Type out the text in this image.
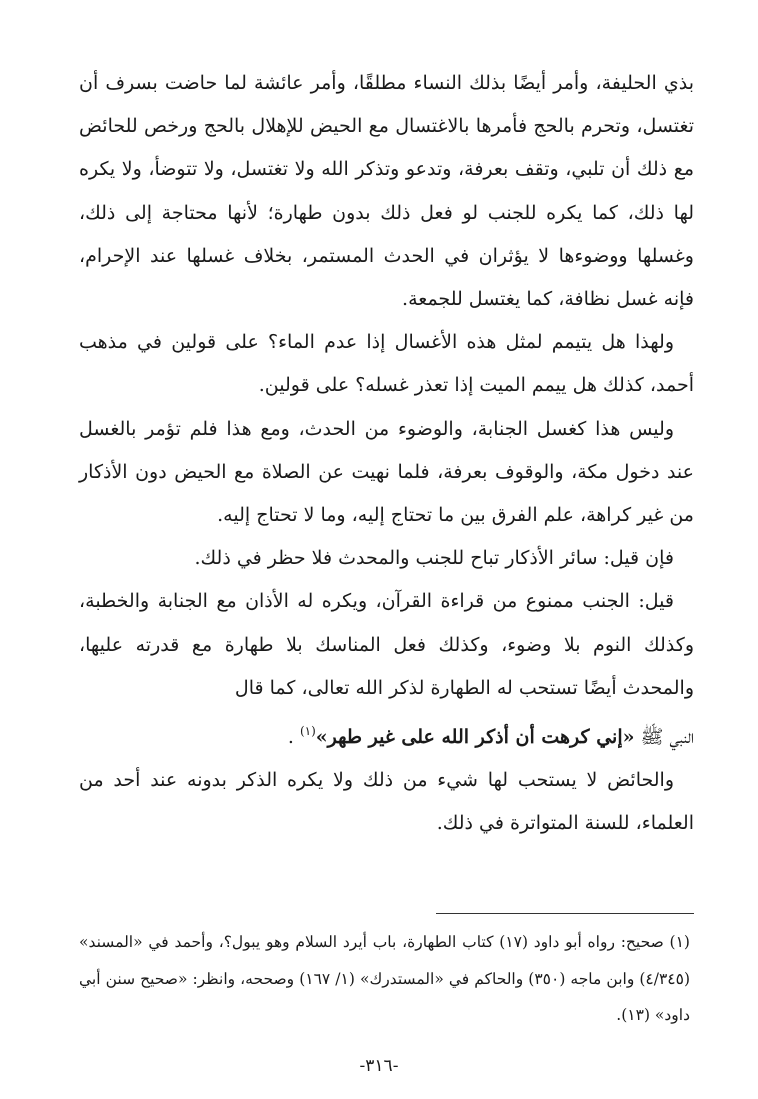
بذي الحليفة، وأمر أيضًا بذلك النساء مطلقًا، وأمر عائشة لما حاضت بسرف أن تغتسل، وتحرم بالحج فأمرها بالاغتسال مع الحيض للإهلال بالحج ورخص للحائض مع ذلك أن تلبي، وتقف بعرفة، وتدعو وتذكر الله ولا تغتسل، ولا تتوضأ، ولا يكره لها ذلك، كما يكره للجنب لو فعل ذلك بدون طهارة؛ لأنها محتاجة إلى ذلك، وغسلها ووضوءها لا يؤثران في الحدث المستمر، بخلاف غسلها عند الإحرام، فإنه غسل نظافة، كما يغتسل للجمعة.

ولهذا هل يتيمم لمثل هذه الأغسال إذا عدم الماء؟ على قولين في مذهب أحمد، كذلك هل ييمم الميت إذا تعذر غسله؟ على قولين.

وليس هذا كغسل الجنابة، والوضوء من الحدث، ومع هذا فلم تؤمر بالغسل عند دخول مكة، والوقوف بعرفة، فلما نهيت عن الصلاة مع الحيض دون الأذكار من غير كراهة، علم الفرق بين ما تحتاج إليه، وما لا تحتاج إليه.

فإن قيل: سائر الأذكار تباح للجنب والمحدث فلا حظر في ذلك.

قيل: الجنب ممنوع من قراءة القرآن، ويكره له الأذان مع الجنابة والخطبة، وكذلك النوم بلا وضوء، وكذلك فعل المناسك بلا طهارة مع قدرته عليها، والمحدث أيضًا تستحب له الطهارة لذكر الله تعالى، كما قال

النبي ﷺ «إني كرهت أن أذكر الله على غير طهر»$^{(١)}$ .

والحائض لا يستحب لها شيء من ذلك ولا يكره الذكر بدونه عند أحد من العلماء، للسنة المتواترة في ذلك.

(١) صحيح: رواه أبو داود (١٧) كتاب الطهارة، باب أيرد السلام وهو يبول؟، وأحمد في «المسند» (٤/٣٤٥) وابن ماجه (٣٥٠) والحاكم في «المستدرك» (١/ ١٦٧) وصححه، وانظر: «صحيح سنن أبي داود» (١٣).

-٣١٦-
